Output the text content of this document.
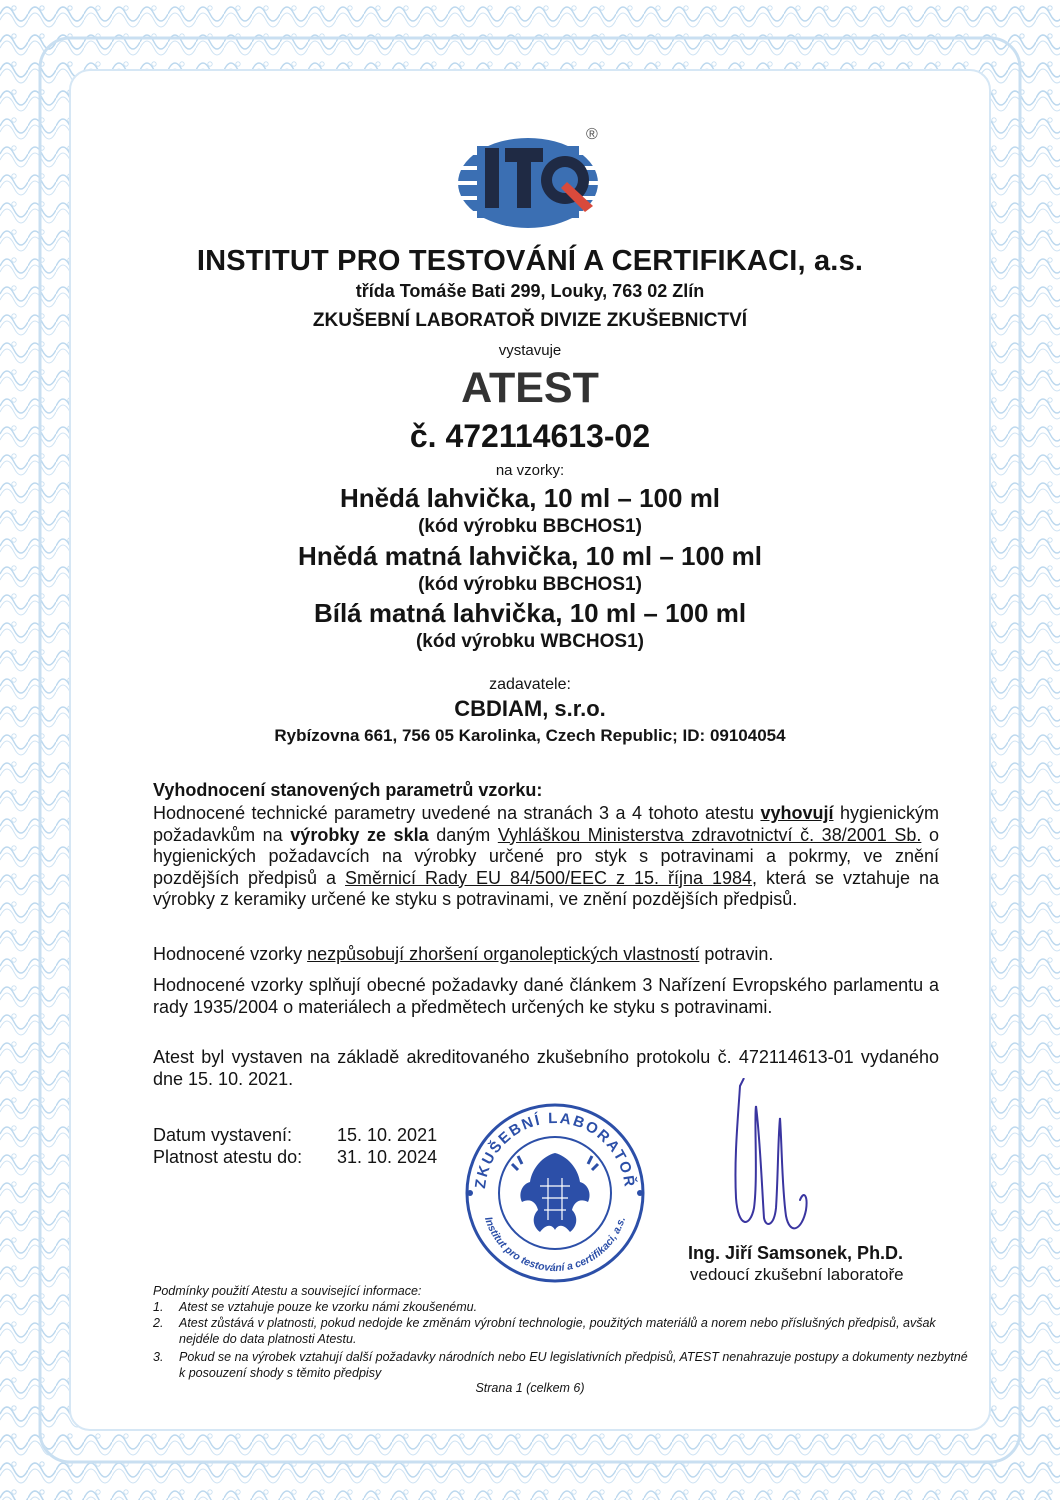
®
INSTITUT PRO TESTOVÁNÍ A CERTIFIKACI, a.s.
třída Tomáše Bati 299, Louky, 763 02 Zlín
ZKUŠEBNÍ LABORATOŘ DIVIZE ZKUŠEBNICTVÍ
vystavuje
ATEST
č. 472114613-02
na vzorky:
Hnědá lahvička, 10 ml – 100 ml
(kód výrobku BBCHOS1)
Hnědá matná lahvička, 10 ml – 100 ml
(kód výrobku BBCHOS1)
Bílá matná lahvička, 10 ml – 100 ml
(kód výrobku WBCHOS1)
zadavatele:
CBDIAM, s.r.o.
Rybízovna 661, 756 05 Karolinka, Czech Republic; ID: 09104054
Vyhodnocení stanovených parametrů vzorku:
Hodnocené technické parametry uvedené na stranách 3 a 4 tohoto atestu vyhovují hygienickým požadavkům na výrobky ze skla daným Vyhláškou Ministerstva zdravotnictví č. 38/2001 Sb. o hygienických požadavcích na výrobky určené pro styk s potravinami a pokrmy, ve znění pozdějších předpisů a Směrnicí Rady EU 84/500/EEC z 15. října 1984, která se vztahuje na výrobky z keramiky určené ke styku s potravinami, ve znění pozdějších předpisů.
Hodnocené vzorky nezpůsobují zhoršení organoleptických vlastností potravin.
Hodnocené vzorky splňují obecné požadavky dané článkem 3 Nařízení Evropského parlamentu a rady 1935/2004 o materiálech a předmětech určených ke styku s potravinami.
Atest byl vystaven na základě akreditovaného zkušebního protokolu č. 472114613-01 vydaného dne 15. 10. 2021.
Datum vystavení: 15. 10. 2021
Platnost atestu do: 31. 10. 2024
ZKUŠEBNÍ LABORATOŘ
Institut pro testování a certifikaci, a.s.
Ing. Jiří Samsonek, Ph.D.
vedoucí zkušební laboratoře
Podmínky použití Atestu a související informace:
1. Atest se vztahuje pouze ke vzorku námi zkoušenému.
2. Atest zůstává v platnosti, pokud nedojde ke změnám výrobní technologie, použitých materiálů a norem nebo příslušných předpisů, avšak nejdéle do data platnosti Atestu.
3. Pokud se na výrobek vztahují další požadavky národních nebo EU legislativních předpisů, ATEST nenahrazuje postupy a dokumenty nezbytné k posouzení shody s těmito předpisy
Strana 1 (celkem 6)
